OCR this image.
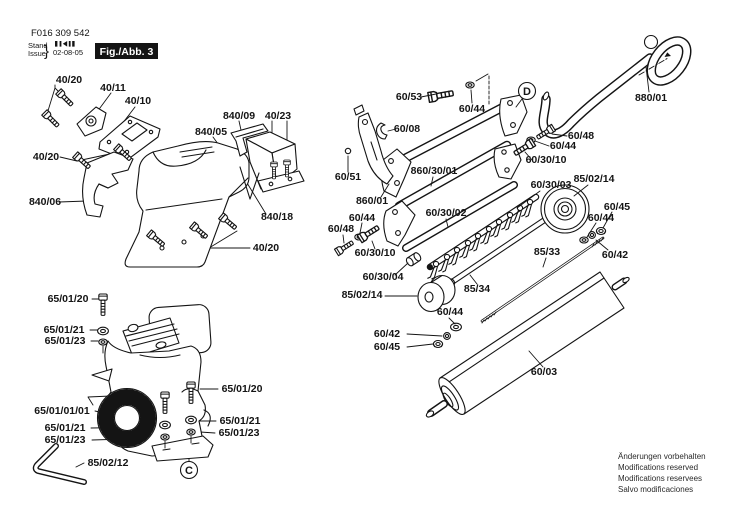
F016 309 542
Stand
Issue
} 02-08-05 Fig./Abb. 3
40/20
40/11
40/10
840/09 40/23
840/05
40/20
840/06
840/18
40/20
C
65/01/20
65/01/21
65/01/23
65/01/01/01
65/01/21
65/01/23
65/01/20
65/01/21
65/01/23
85/02/12
D
60/53
60/44
880/01
60/08
60/48
60/44
60/30/10
60/51	860/30/01
860/01
60/30/03 85/02/14
60/44
60/48
60/30/02
60/30/10
60/45
60/44
60/30/04
85/33	60/42
85/34
85/02/14
60/44
60/42
60/45
60/03
Änderungen vorbehalten
Modifications reserved
Modifications reservees
Salvo modificaciones
